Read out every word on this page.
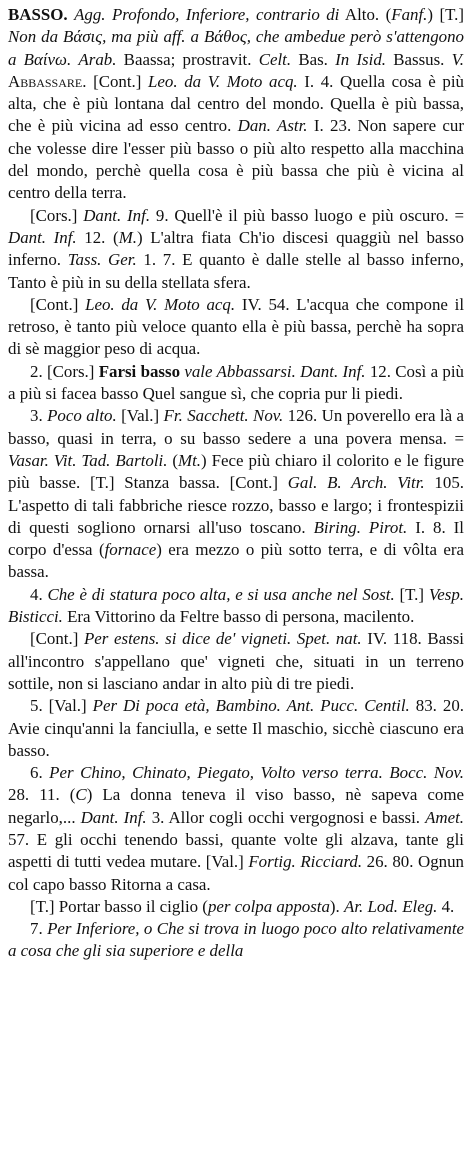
BASSO. Agg. Profondo, Inferiore, contrario di Alto. (Fanf.) [T.] Non da Βάσις, ma più aff. a Βάθος, che ambedue però s'attengono a Βαίνω. Arab. Baassa; prostravit. Celt. Bas. In Isid. Bassus. V. Abbassare. [Cont.] Leo. da V. Moto acq. I. 4. Quella cosa è più alta, che è più lontana dal centro del mondo. Quella è più bassa, che è più vicina ad esso centro. Dan. Astr. I. 23. Non sapere cur che volesse dire l'esser più basso o più alto respetto alla macchina del mondo, perchè quella cosa è più bassa che più è vicina al centro della terra.

[Cors.] Dant. Inf. 9. Quell'è il più basso luogo e più oscuro. = Dant. Inf. 12. (M.) L'altra fiata Ch'io discesi quaggiù nel basso inferno. Tass. Ger. 1. 7. E quanto è dalle stelle al basso inferno, Tanto è più in su della stellata sfera.

[Cont.] Leo. da V. Moto acq. IV. 54. L'acqua che compone il retroso, è tanto più veloce quanto ella è più bassa, perchè ha sopra di sè maggior peso di acqua.

2. [Cors.] Farsi basso vale Abbassarsi. Dant. Inf. 12. Così a più a più si facea basso Quel sangue sì, che copria pur li piedi.

3. Poco alto. [Val.] Fr. Sacchett. Nov. 126. Un poverello era là a basso, quasi in terra, o su basso sedere a una povera mensa. = Vasar. Vit. Tad. Bartoli. (Mt.) Fece più chiaro il colorito e le figure più basse. [T.] Stanza bassa. [Cont.] Gal. B. Arch. Vitr. 105. L'aspetto di tali fabbriche riesce rozzo, basso e largo; i frontespizii di questi sogliono ornarsi all'uso toscano. Biring. Pirot. I. 8. Il corpo d'essa (fornace) era mezzo o più sotto terra, e di vôlta era bassa.

4. Che è di statura poco alta, e si usa anche nel Sost. [T.] Vesp. Bisticci. Era Vittorino da Feltre basso di persona, macilento.

[Cont.] Per estens. si dice de' vigneti. Spet. nat. IV. 118. Bassi all'incontro s'appellano que' vigneti che, situati in un terreno sottile, non si lasciano andar in alto più di tre piedi.

5. [Val.] Per Di poca età, Bambino. Ant. Pucc. Centil. 83. 20. Avie cinqu'anni la fanciulla, e sette Il maschio, sicchè ciascuno era basso.

6. Per Chino, Chinato, Piegato, Volto verso terra. Bocc. Nov. 28. 11. (C) La donna teneva il viso basso, nè sapeva come negarlo,... Dant. Inf. 3. Allor cogli occhi vergognosi e bassi. Amet. 57. E gli occhi tenendo bassi, quante volte gli alzava, tante gli aspetti di tutti vedea mutare. [Val.] Fortig. Ricciard. 26. 80. Ognun col capo basso Ritorna a casa.

[T.] Portar basso il ciglio (per colpa apposta). Ar. Lod. Eleg. 4.

7. Per Inferiore, o Che si trova in luogo poco alto relativamente a cosa che gli sia superiore e della
